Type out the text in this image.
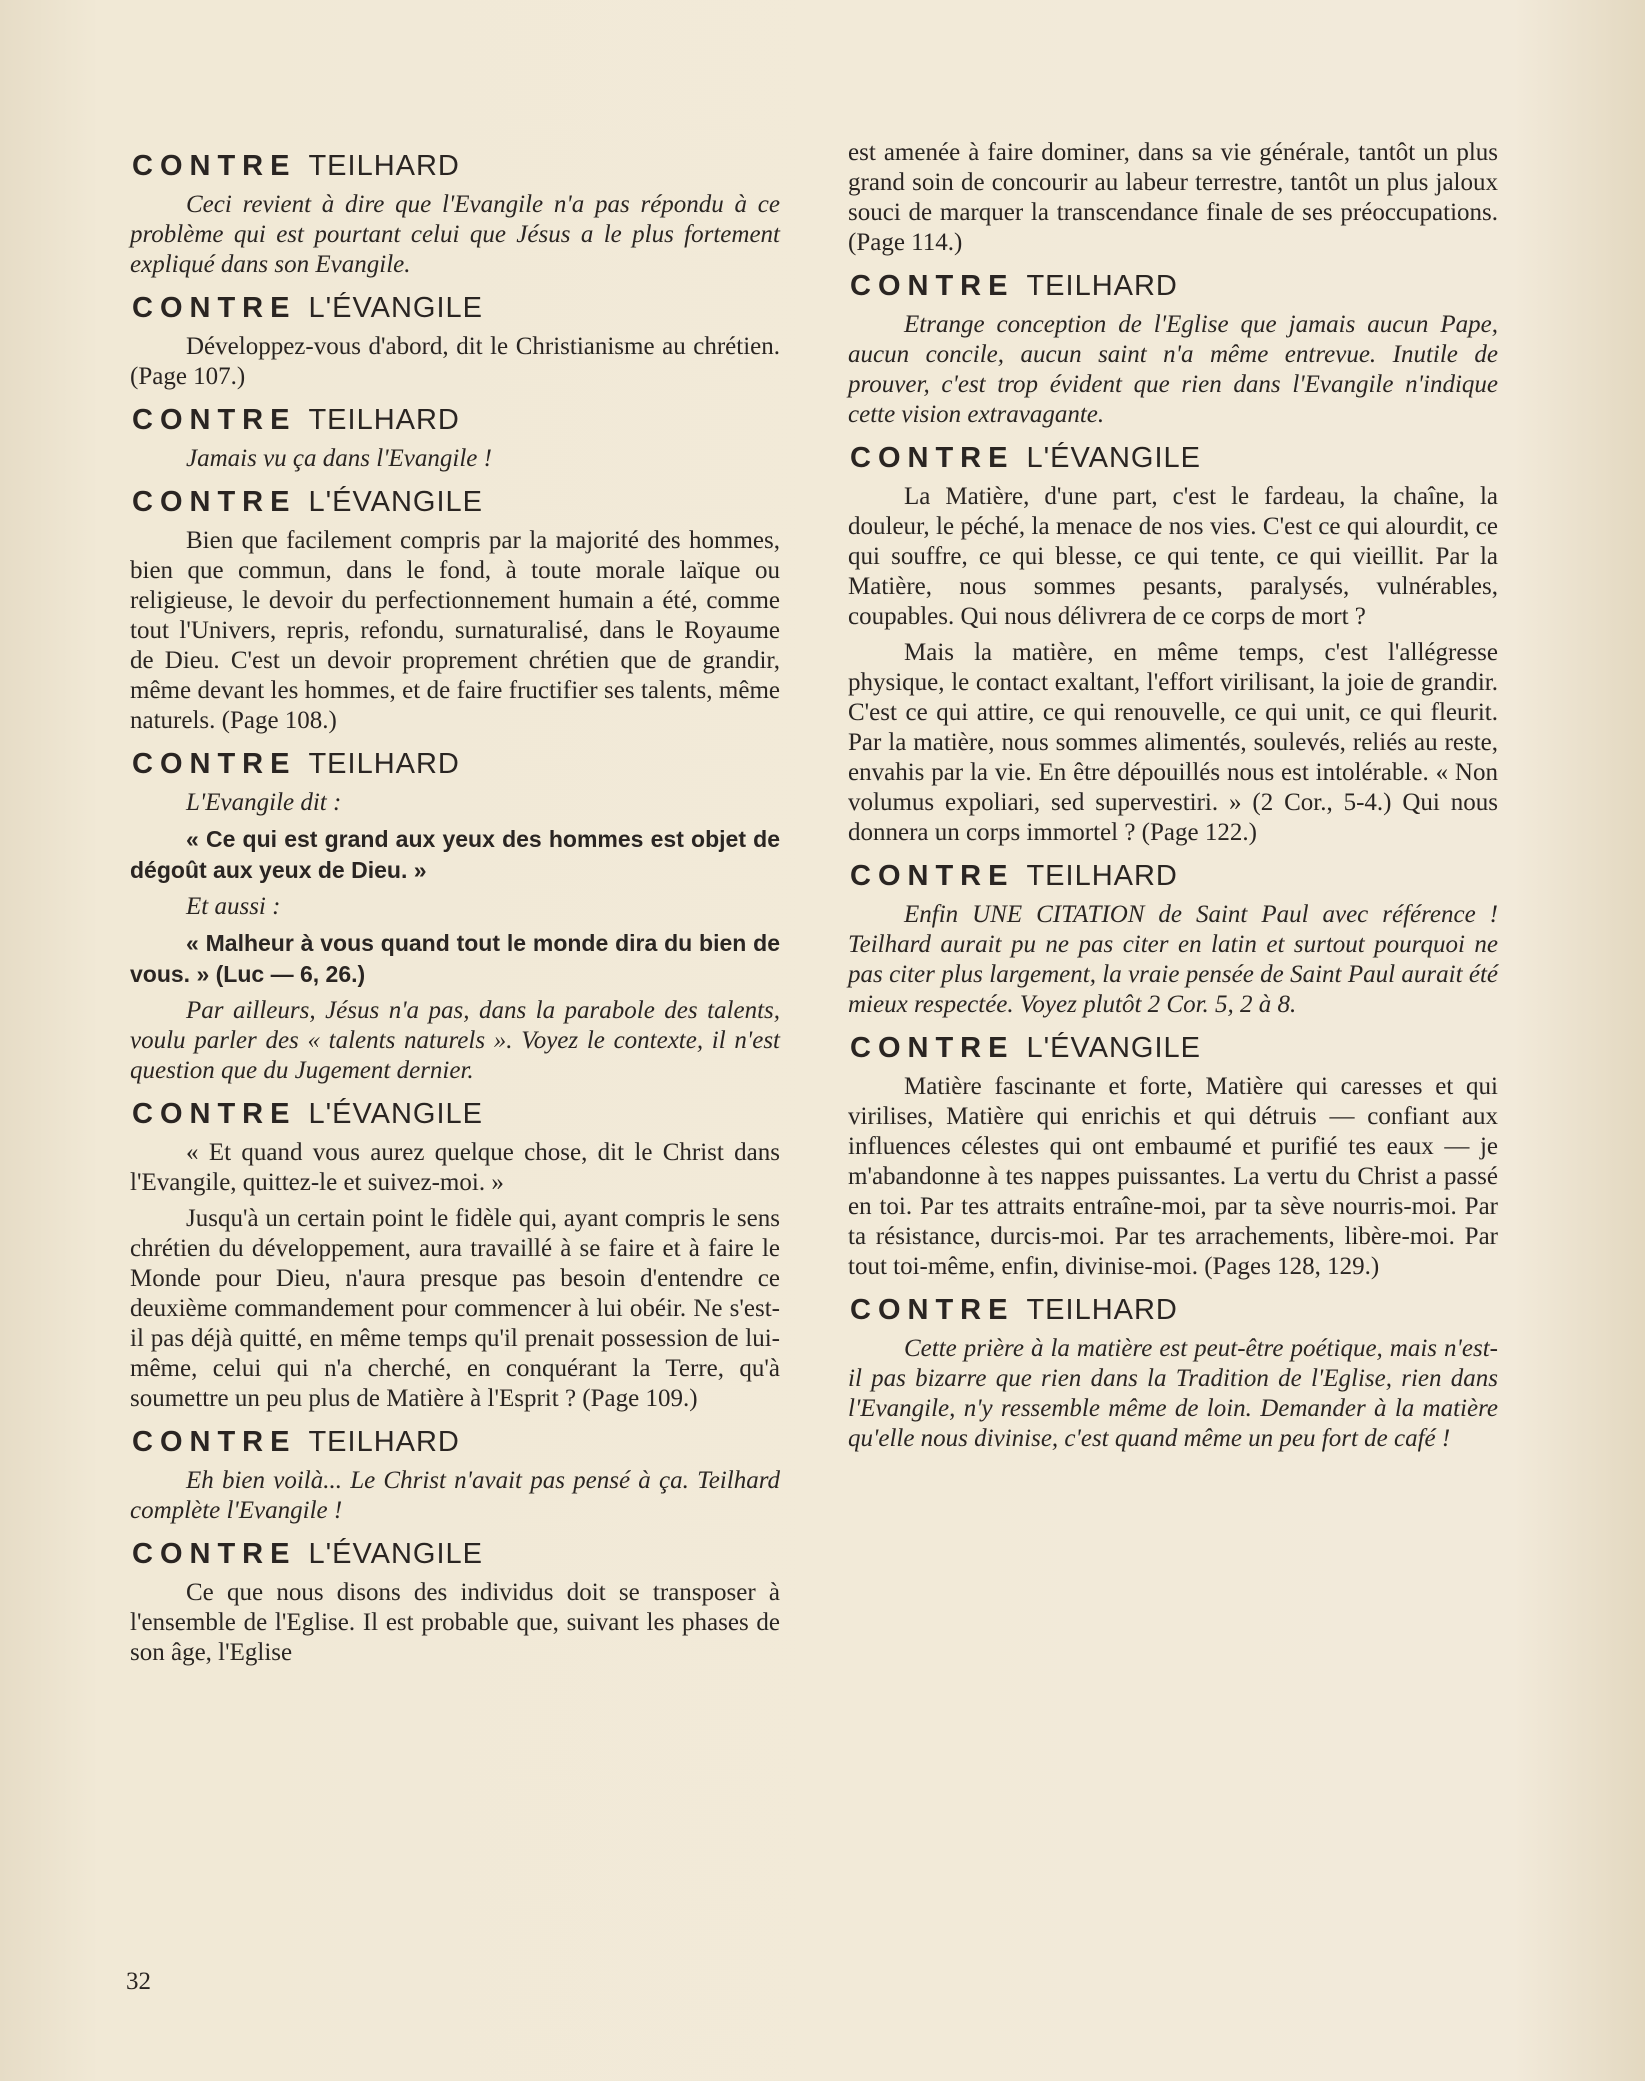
CONTRE TEILHARD

Ceci revient à dire que l'Evangile n'a pas répondu à ce problème qui est pourtant celui que Jésus a le plus fortement expliqué dans son Evangile.

CONTRE L'ÉVANGILE

Développez-vous d'abord, dit le Christianisme au chrétien. (Page 107.)

CONTRE TEILHARD

Jamais vu ça dans l'Evangile !

CONTRE L'ÉVANGILE

Bien que facilement compris par la majorité des hommes, bien que commun, dans le fond, à toute morale laïque ou religieuse, le devoir du perfectionnement humain a été, comme tout l'Univers, repris, refondu, surnaturalisé, dans le Royaume de Dieu. C'est un devoir proprement chrétien que de grandir, même devant les hommes, et de faire fructifier ses talents, même naturels. (Page 108.)

CONTRE TEILHARD

L'Evangile dit :

« Ce qui est grand aux yeux des hommes est objet de dégoût aux yeux de Dieu. »

Et aussi :

« Malheur à vous quand tout le monde dira du bien de vous. » (Luc — 6, 26.)

Par ailleurs, Jésus n'a pas, dans la parabole des talents, voulu parler des « talents naturels ». Voyez le contexte, il n'est question que du Jugement dernier.

CONTRE L'ÉVANGILE

« Et quand vous aurez quelque chose, dit le Christ dans l'Evangile, quittez-le et suivez-moi. »

Jusqu'à un certain point le fidèle qui, ayant compris le sens chrétien du développement, aura travaillé à se faire et à faire le Monde pour Dieu, n'aura presque pas besoin d'entendre ce deuxième commandement pour commencer à lui obéir. Ne s'est-il pas déjà quitté, en même temps qu'il prenait possession de lui-même, celui qui n'a cherché, en conquérant la Terre, qu'à soumettre un peu plus de Matière à l'Esprit ? (Page 109.)

CONTRE TEILHARD

Eh bien voilà... Le Christ n'avait pas pensé à ça. Teilhard complète l'Evangile !

CONTRE L'ÉVANGILE

Ce que nous disons des individus doit se transposer à l'ensemble de l'Eglise. Il est probable que, suivant les phases de son âge, l'Eglise

est amenée à faire dominer, dans sa vie générale, tantôt un plus grand soin de concourir au labeur terrestre, tantôt un plus jaloux souci de marquer la transcendance finale de ses préoccupations. (Page 114.)

CONTRE TEILHARD

Etrange conception de l'Eglise que jamais aucun Pape, aucun concile, aucun saint n'a même entrevue. Inutile de prouver, c'est trop évident que rien dans l'Evangile n'indique cette vision extravagante.

CONTRE L'ÉVANGILE

La Matière, d'une part, c'est le fardeau, la chaîne, la douleur, le péché, la menace de nos vies. C'est ce qui alourdit, ce qui souffre, ce qui blesse, ce qui tente, ce qui vieillit. Par la Matière, nous sommes pesants, paralysés, vulnérables, coupables. Qui nous délivrera de ce corps de mort ?

Mais la matière, en même temps, c'est l'allégresse physique, le contact exaltant, l'effort virilisant, la joie de grandir. C'est ce qui attire, ce qui renouvelle, ce qui unit, ce qui fleurit. Par la matière, nous sommes alimentés, soulevés, reliés au reste, envahis par la vie. En être dépouillés nous est intolérable. « Non volumus expoliari, sed supervestiri. » (2 Cor., 5-4.) Qui nous donnera un corps immortel ? (Page 122.)

CONTRE TEILHARD

Enfin UNE CITATION de Saint Paul avec référence ! Teilhard aurait pu ne pas citer en latin et surtout pourquoi ne pas citer plus largement, la vraie pensée de Saint Paul aurait été mieux respectée. Voyez plutôt 2 Cor. 5, 2 à 8.

CONTRE L'ÉVANGILE

Matière fascinante et forte, Matière qui caresses et qui virilises, Matière qui enrichis et qui détruis — confiant aux influences célestes qui ont embaumé et purifié tes eaux — je m'abandonne à tes nappes puissantes. La vertu du Christ a passé en toi. Par tes attraits entraîne-moi, par ta sève nourris-moi. Par ta résistance, durcis-moi. Par tes arrachements, libère-moi. Par tout toi-même, enfin, divinise-moi. (Pages 128, 129.)

CONTRE TEILHARD

Cette prière à la matière est peut-être poétique, mais n'est-il pas bizarre que rien dans la Tradition de l'Eglise, rien dans l'Evangile, n'y ressemble même de loin. Demander à la matière qu'elle nous divinise, c'est quand même un peu fort de café !

32
